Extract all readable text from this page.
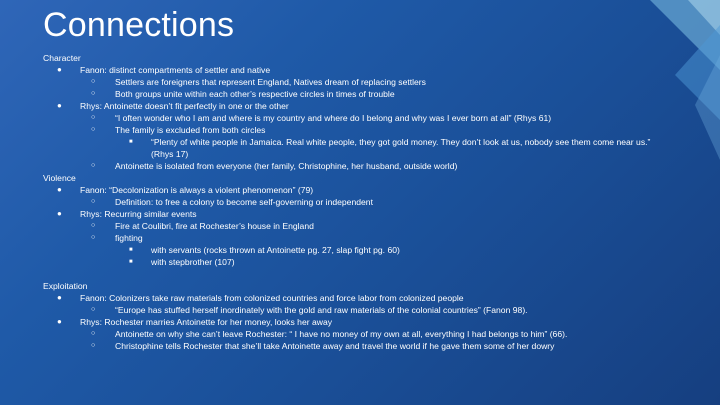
Connections
Character
● Fanon: distinct compartments of settler and native
○ Settlers are foreigners that represent England, Natives dream of replacing settlers
○ Both groups unite within each other’s respective circles in times of trouble
● Rhys: Antoinette doesn’t fit perfectly in one or the other
○ “I often wonder who I am and where is my country and where do I belong and why was I ever born at all” (Rhys 61)
○ The family is excluded from both circles
■ “Plenty of white people in Jamaica. Real white people, they got gold money. They don’t look at us, nobody see them come near us.” (Rhys 17)
○ Antoinette is isolated from everyone (her family, Christophine, her husband, outside world)
Violence
● Fanon: “Decolonization is always a violent phenomenon” (79)
○ Definition: to free a colony to become self-governing or independent
● Rhys: Recurring similar events
○ Fire at Coulibri, fire at Rochester’s house in England
○ fighting
■ with servants (rocks thrown at Antoinette pg. 27, slap fight pg. 60)
■ with stepbrother (107)
Exploitation
● Fanon: Colonizers take raw materials from colonized countries and force labor from colonized people
○ “Europe has stuffed herself inordinately with the gold and raw materials of the colonial countries” (Fanon 98).
● Rhys: Rochester marries Antoinette for her money, looks her away
○ Antoinette on why she can’t leave Rochester: “ I have no money of my own at all, everything I had belongs to him” (66).
○ Christophine tells Rochester that she’ll take Antoinette away and travel the world if he gave them some of her dowry
